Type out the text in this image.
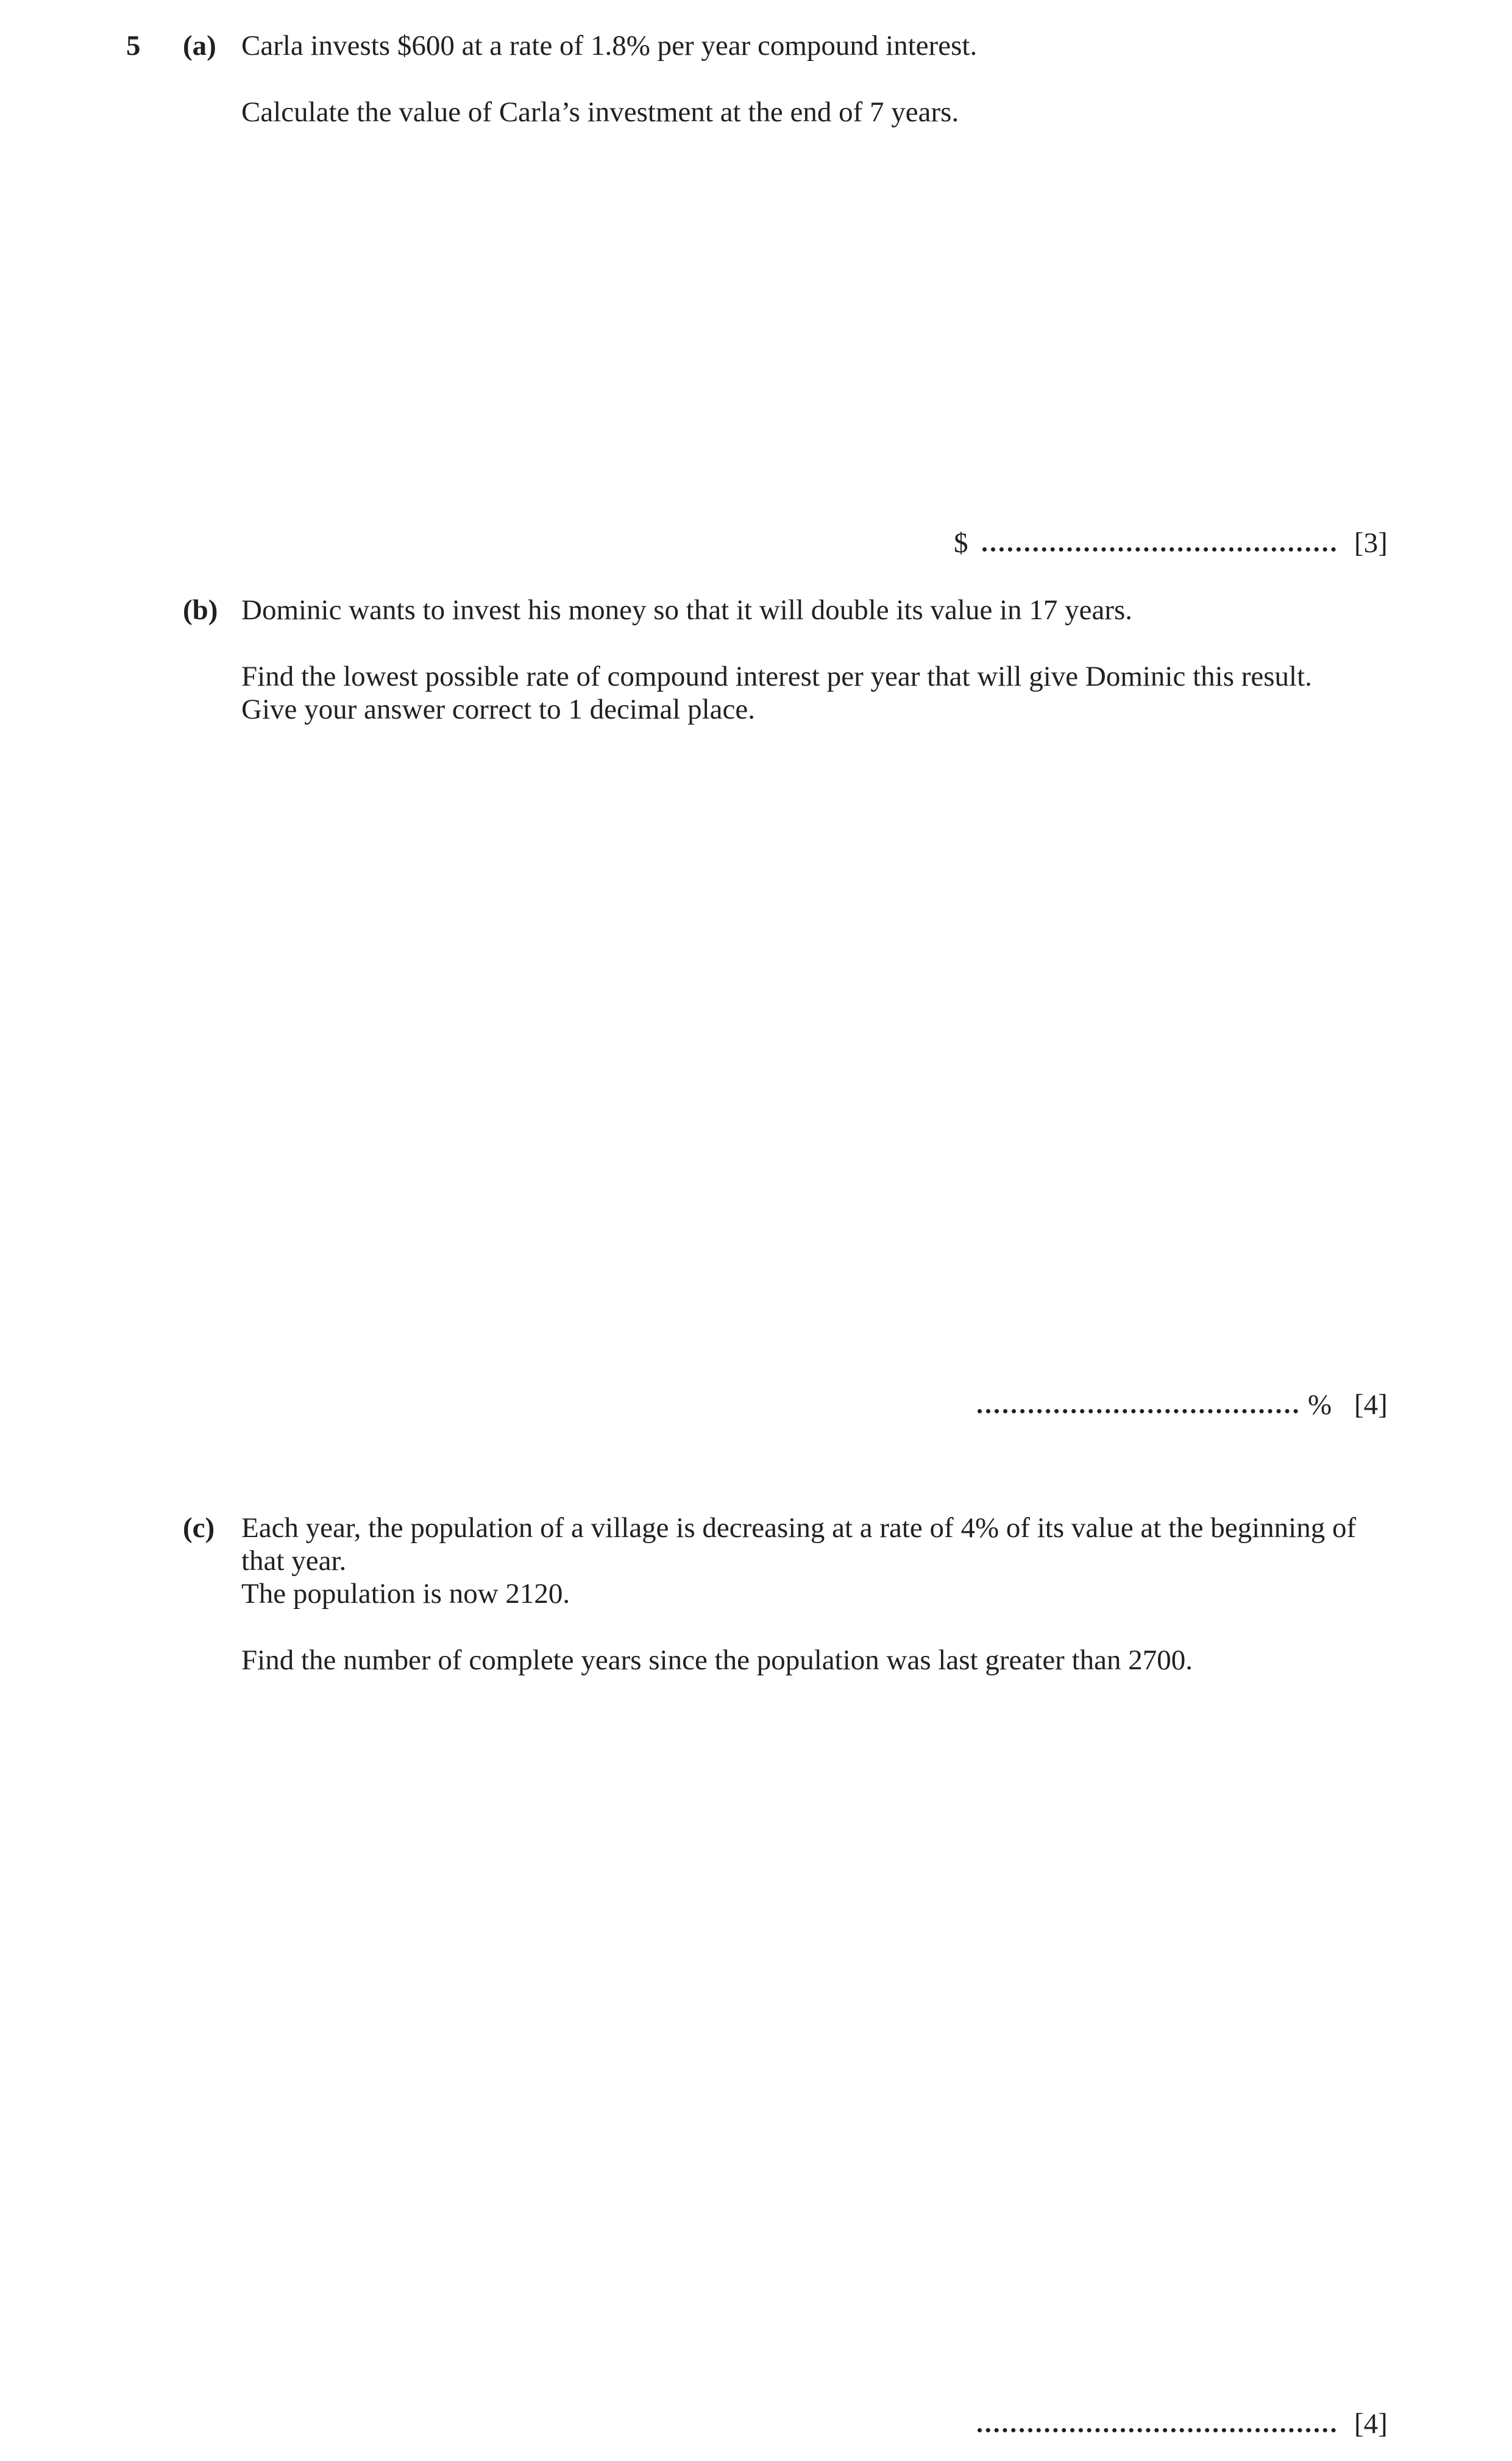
5 (a) Carla invests $600 at a rate of 1.8% per year compound interest.
Calculate the value of Carla’s investment at the end of 7 years.
$	[3]
(b) Dominic wants to invest his money so that it will double its value in 17 years.
Find the lowest possible rate of compound interest per year that will give Dominic this result.
Give your answer correct to 1 decimal place.
% [4]
(c) Each year, the population of a village is decreasing at a rate of 4% of its value at the beginning of
that year.
The population is now 2120.
Find the number of complete years since the population was last greater than 2700.
[4]
